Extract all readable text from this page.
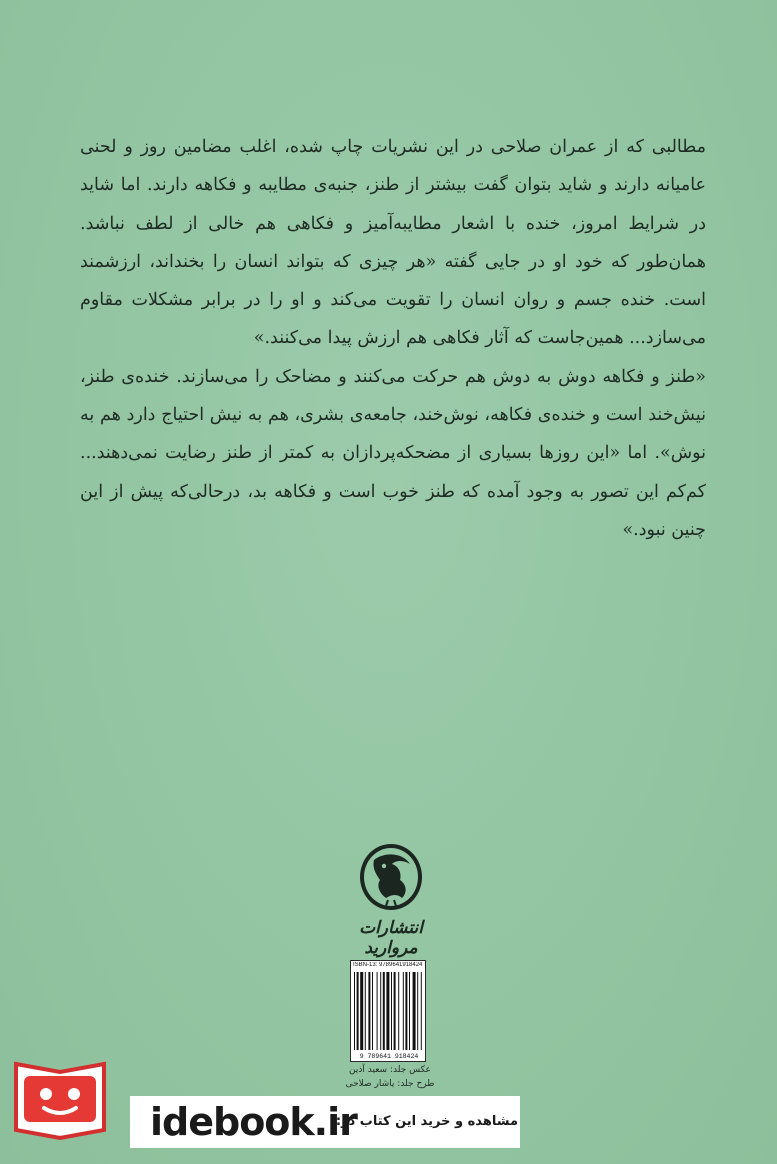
مطالبی که از عمران صلاحی در این نشریات چاپ شده، اغلب مضامین روز و لحنی عامیانه دارند و شاید بتوان گفت بیشتر از طنز، جنبه‌ی مطایبه و فکاهه دارند. اما شاید در شرایط امروز، خنده با اشعار مطایبه‌آمیز و فکاهی هم خالی از لطف نباشد. همان‌طور که خود او در جایی گفته «هر چیزی که بتواند انسان را بخنداند، ارزشمند است. خنده جسم و روان انسان را تقویت می‌کند و او را در برابر مشکلات مقاوم می‌سازد... همین‌جاست که آثار فکاهی هم ارزش پیدا می‌کنند.»

«طنز و فکاهه دوش به دوش هم حرکت می‌کنند و مضاحک را می‌سازند. خنده‌ی طنز، نیش‌خند است و خنده‌ی فکاهه، نوش‌خند، جامعه‌ی بشری، هم به نیش احتیاج دارد هم به نوش». اما «این روزها بسیاری از مضحکه‌پردازان به کمتر از طنز رضایت نمی‌دهند... کم‌کم این تصور به وجود آمده که طنز خوب است و فکاهه بد، درحالی‌که پیش از این چنین نبود.»

انتشارات مروارید
ISBN-13: 9789641918424
9 789641 918424
عکس جلد: سعید آذین
طرح جلد: یاشار صلاحی
idebook.ir
مشاهده و خرید این کتاب در:
